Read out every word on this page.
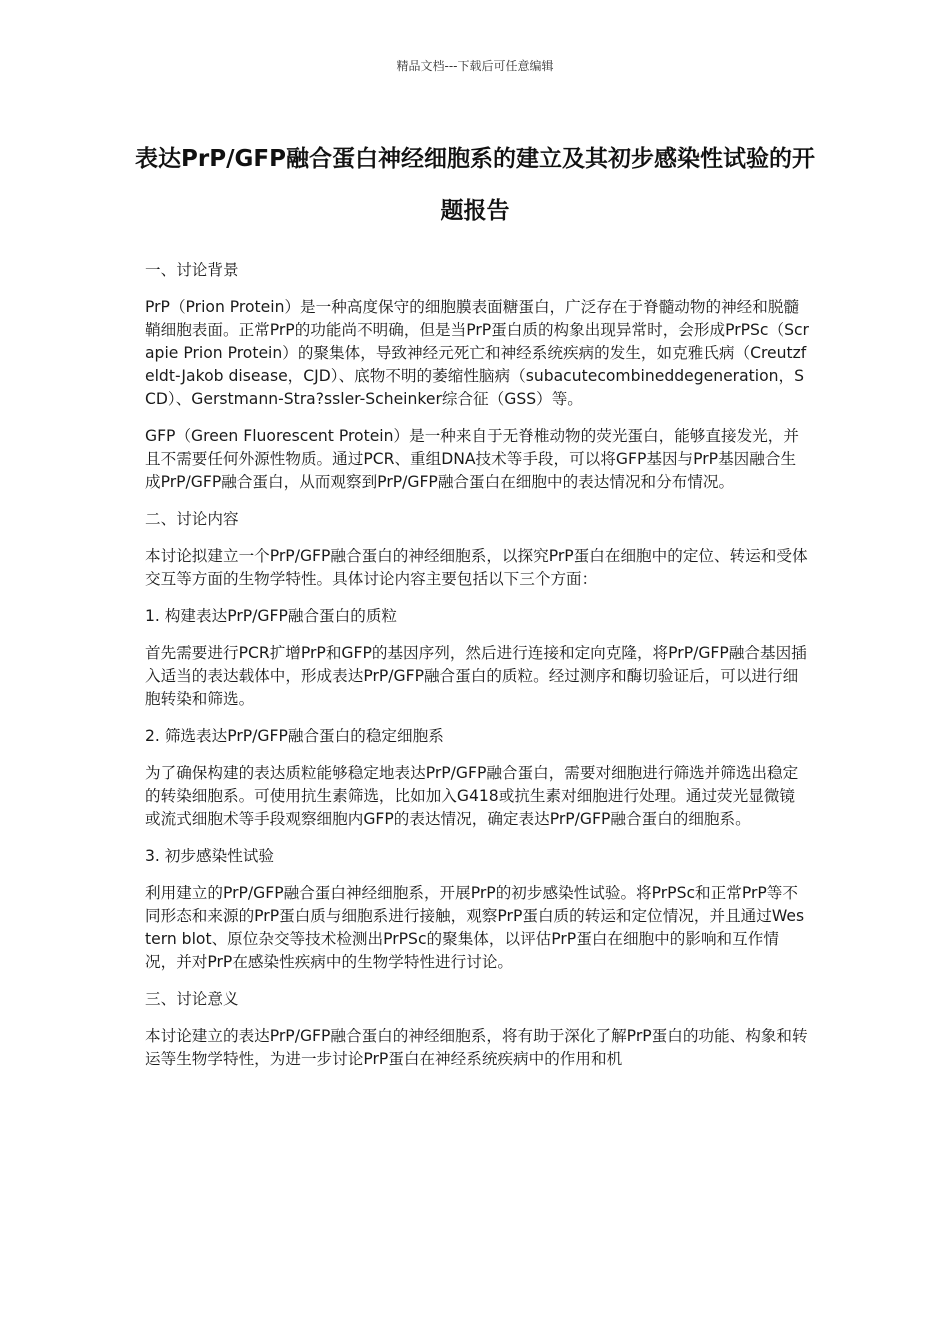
精品文档---下载后可任意编辑
表达PrP/GFP融合蛋白神经细胞系的建立及其初步感染性试验的开题报告
一、讨论背景

PrP（Prion Protein）是一种高度保守的细胞膜表面糖蛋白，广泛存在于脊髓动物的神经和脱髓鞘细胞表面。正常PrP的功能尚不明确，但是当PrP蛋白质的构象出现异常时，会形成PrPSc（Scrapie Prion Protein）的聚集体，导致神经元死亡和神经系统疾病的发生，如克雅氏病（Creutzfeldt-Jakob disease，CJD）、底物不明的萎缩性脑病（subacutecombineddegeneration，SCD）、Gerstmann-Stra?ssler-Scheinker综合征（GSS）等。

GFP（Green Fluorescent Protein）是一种来自于无脊椎动物的荧光蛋白，能够直接发光，并且不需要任何外源性物质。通过PCR、重组DNA技术等手段，可以将GFP基因与PrP基因融合生成PrP/GFP融合蛋白，从而观察到PrP/GFP融合蛋白在细胞中的表达情况和分布情况。

二、讨论内容

本讨论拟建立一个PrP/GFP融合蛋白的神经细胞系，以探究PrP蛋白在细胞中的定位、转运和受体交互等方面的生物学特性。具体讨论内容主要包括以下三个方面：

1. 构建表达PrP/GFP融合蛋白的质粒

首先需要进行PCR扩增PrP和GFP的基因序列，然后进行连接和定向克隆，将PrP/GFP融合基因插入适当的表达载体中，形成表达PrP/GFP融合蛋白的质粒。经过测序和酶切验证后，可以进行细胞转染和筛选。

2. 筛选表达PrP/GFP融合蛋白的稳定细胞系

为了确保构建的表达质粒能够稳定地表达PrP/GFP融合蛋白，需要对细胞进行筛选并筛选出稳定的转染细胞系。可使用抗生素筛选，比如加入G418或抗生素对细胞进行处理。通过荧光显微镜或流式细胞术等手段观察细胞内GFP的表达情况，确定表达PrP/GFP融合蛋白的细胞系。

3. 初步感染性试验

利用建立的PrP/GFP融合蛋白神经细胞系，开展PrP的初步感染性试验。将PrPSc和正常PrP等不同形态和来源的PrP蛋白质与细胞系进行接触，观察PrP蛋白质的转运和定位情况，并且通过Western blot、原位杂交等技术检测出PrPSc的聚集体，以评估PrP蛋白在细胞中的影响和互作情况，并对PrP在感染性疾病中的生物学特性进行讨论。

三、讨论意义

本讨论建立的表达PrP/GFP融合蛋白的神经细胞系，将有助于深化了解PrP蛋白的功能、构象和转运等生物学特性，为进一步讨论PrP蛋白在神经系统疾病中的作用和机
